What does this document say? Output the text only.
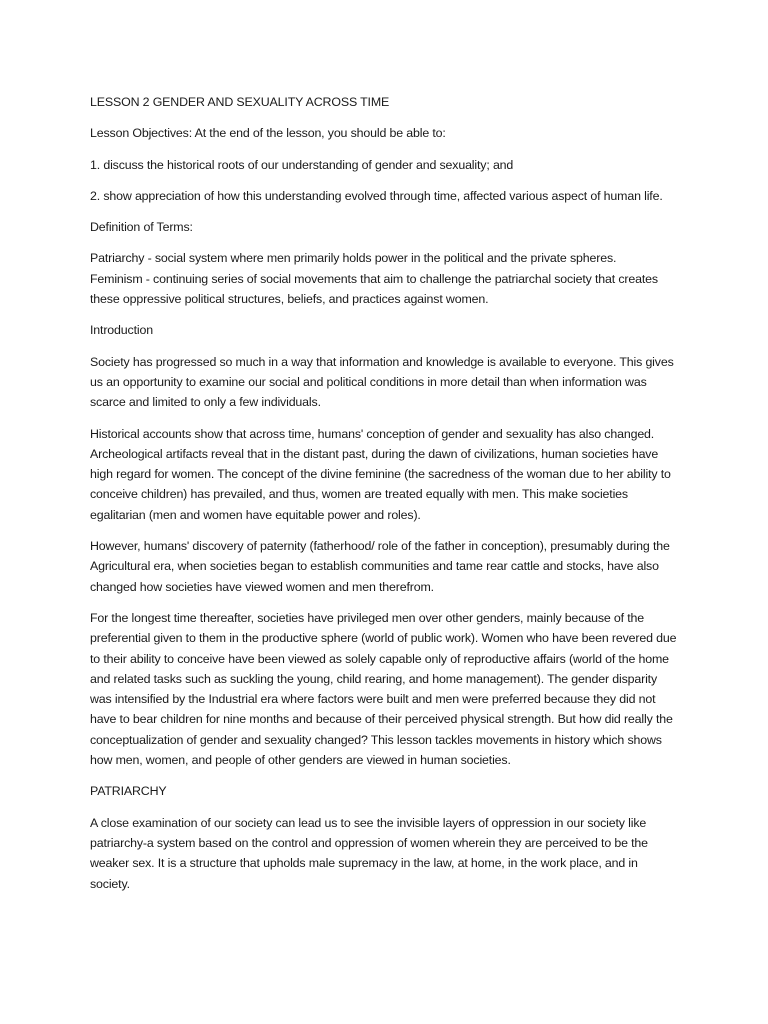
LESSON 2 GENDER AND SEXUALITY ACROSS TIME

Lesson Objectives: At the end of the lesson, you should be able to:

1. discuss the historical roots of our understanding of gender and sexuality; and

2. show appreciation of how this understanding evolved through time, affected various aspect of human life.

Definition of Terms:

Patriarchy - social system where men primarily holds power in the political and the private spheres.

Feminism - continuing series of social movements that aim to challenge the patriarchal society that creates these oppressive political structures, beliefs, and practices against women.

Introduction

Society has progressed so much in a way that information and knowledge is available to everyone. This gives us an opportunity to examine our social and political conditions in more detail than when information was scarce and limited to only a few individuals.

Historical accounts show that across time, humans' conception of gender and sexuality has also changed. Archeological artifacts reveal that in the distant past, during the dawn of civilizations, human societies have high regard for women. The concept of the divine feminine (the sacredness of the woman due to her ability to conceive children) has prevailed, and thus, women are treated equally with men. This make societies egalitarian (men and women have equitable power and roles).

However, humans' discovery of paternity (fatherhood/ role of the father in conception), presumably during the Agricultural era, when societies began to establish communities and tame rear cattle and stocks, have also changed how societies have viewed women and men therefrom.

For the longest time thereafter, societies have privileged men over other genders, mainly because of the preferential given to them in the productive sphere (world of public work). Women who have been revered due to their ability to conceive have been viewed as solely capable only of reproductive affairs (world of the home and related tasks such as suckling the young, child rearing, and home management). The gender disparity was intensified by the Industrial era where factors were built and men were preferred because they did not have to bear children for nine months and because of their perceived physical strength. But how did really the conceptualization of gender and sexuality changed? This lesson tackles movements in history which shows how men, women, and people of other genders are viewed in human societies.

PATRIARCHY

A close examination of our society can lead us to see the invisible layers of oppression in our society like patriarchy-a system based on the control and oppression of women wherein they are perceived to be the weaker sex. It is a structure that upholds male supremacy in the law, at home, in the work place, and in society.
